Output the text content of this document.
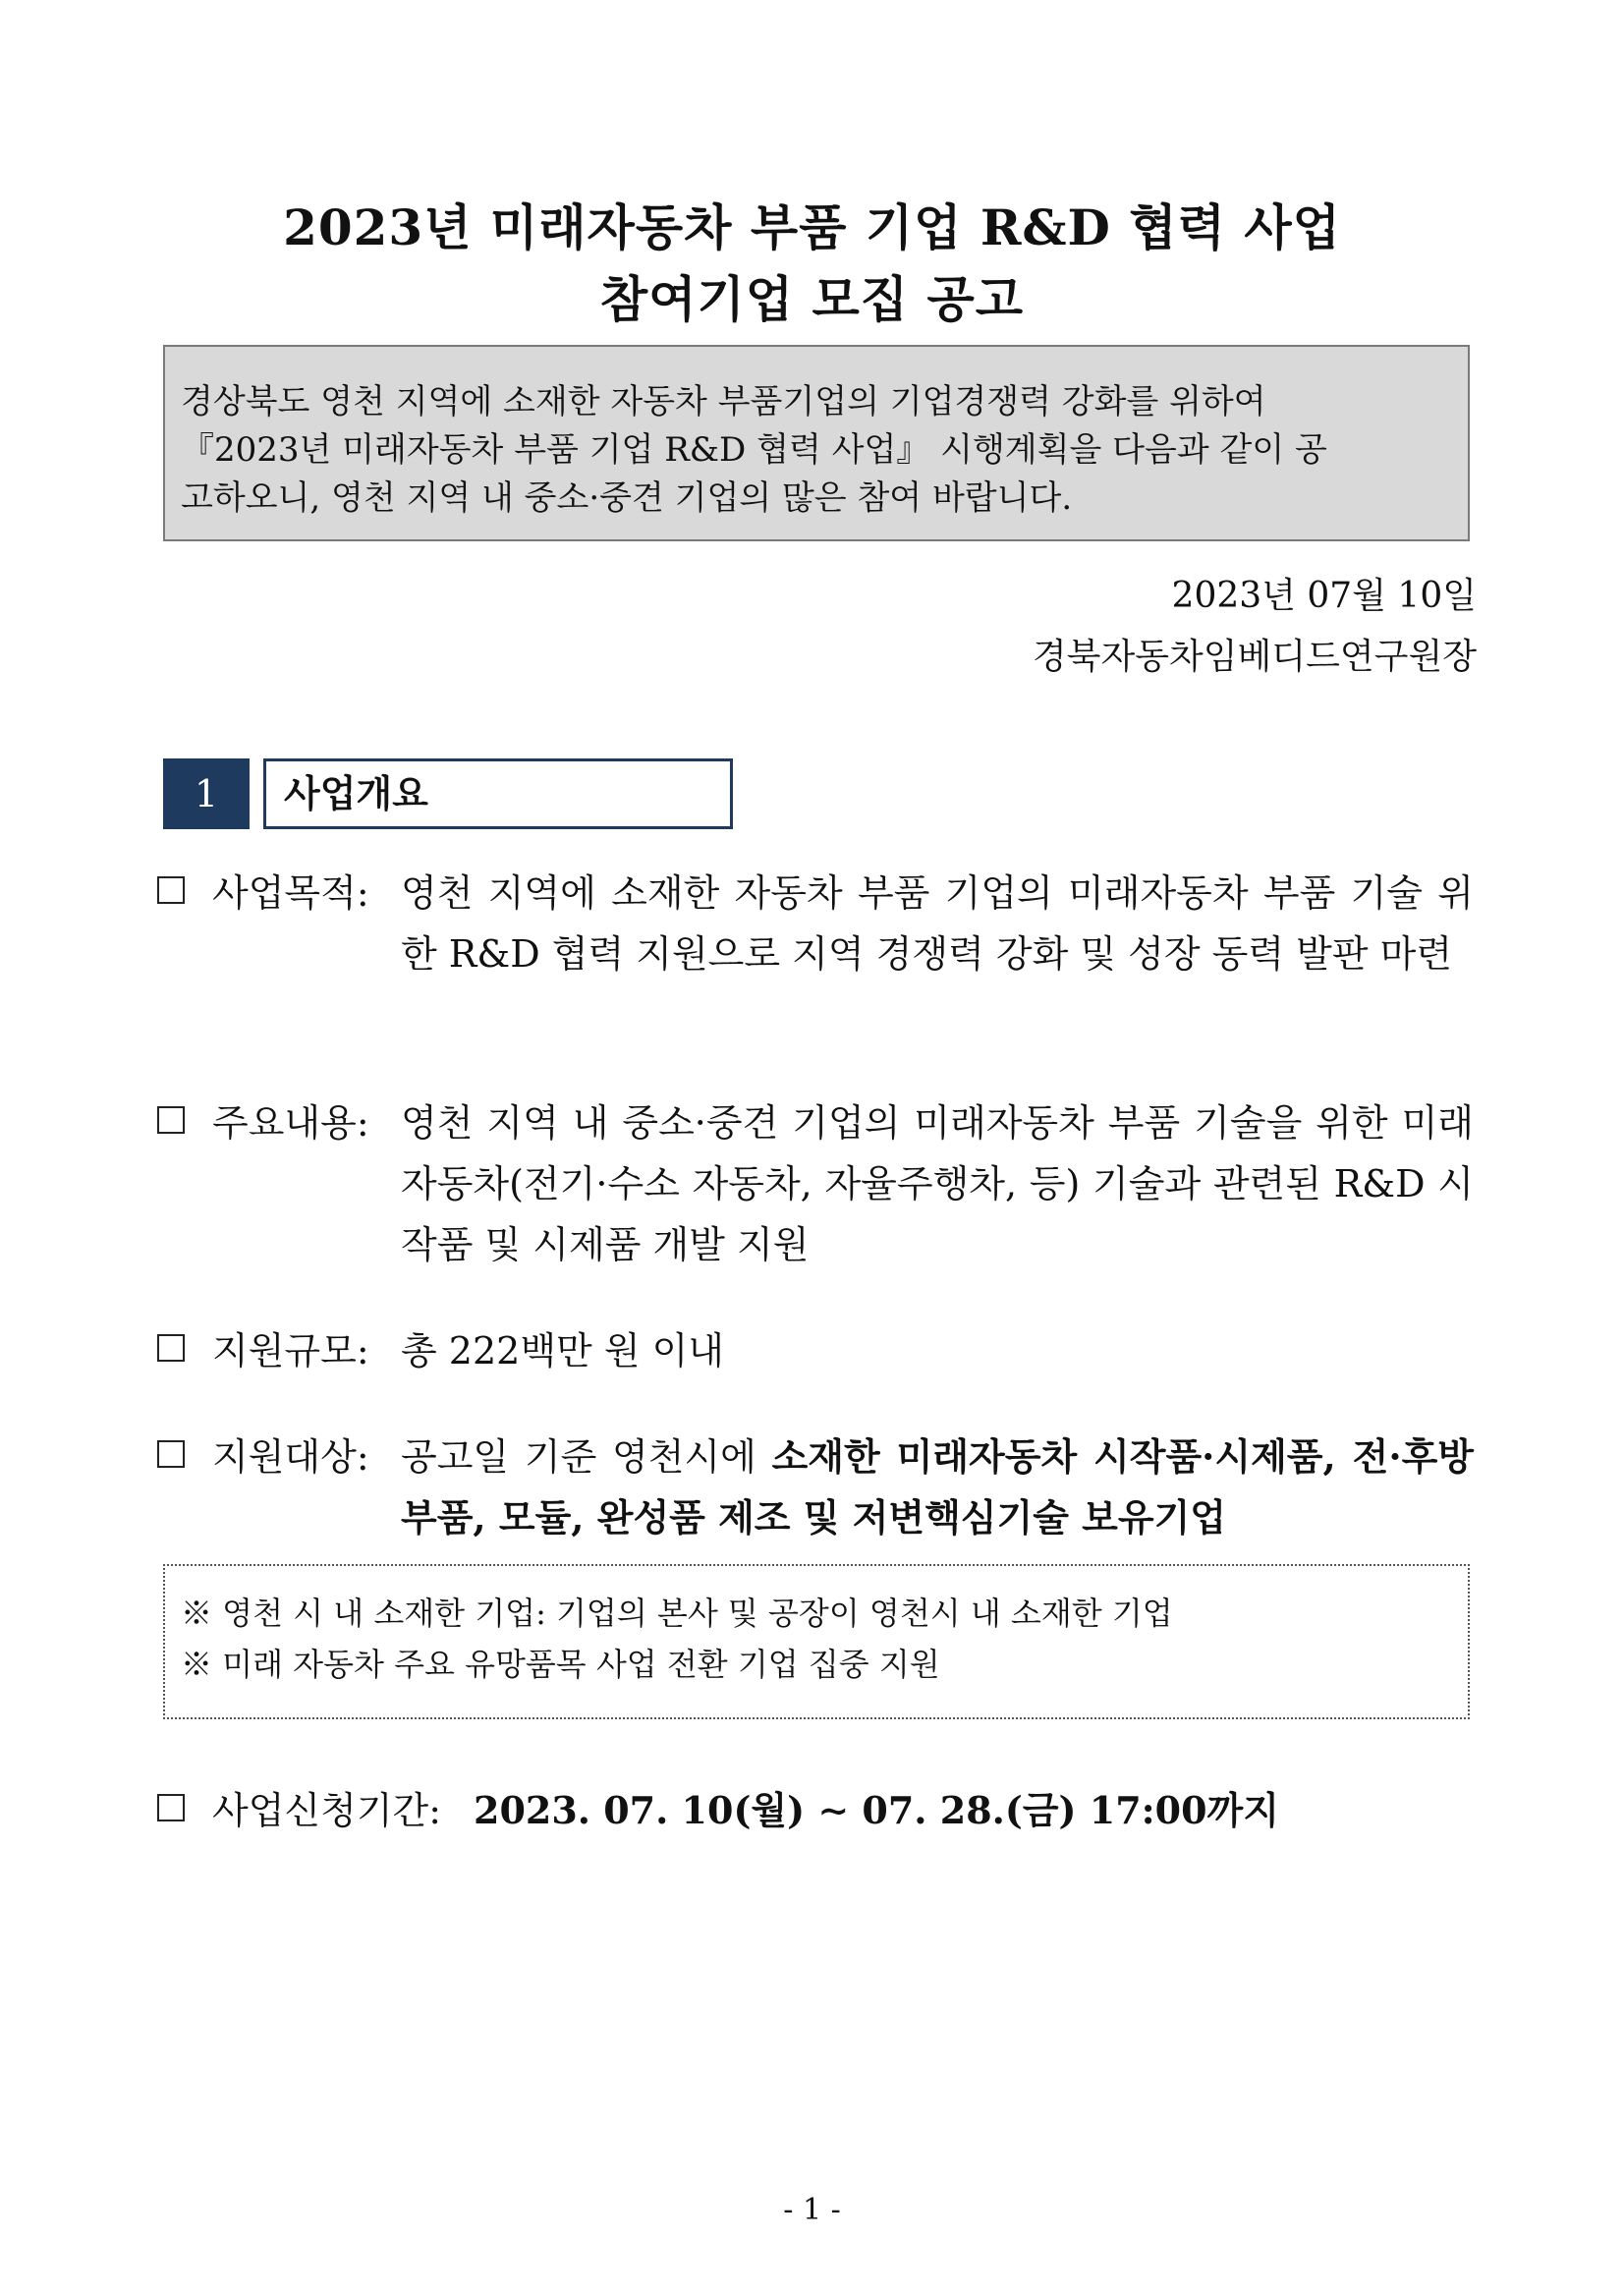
2023년 미래자동차 부품 기업 R&D 협력 사업
참여기업 모집 공고

경상북도 영천 지역에 소재한 자동차 부품기업의 기업경쟁력 강화를 위하여

『2023년 미래자동차 부품 기업 R&D 협력 사업』 시행계획을 다음과 같이 공

고하오니, 영천 지역 내 중소·중견 기업의 많은 참여 바랍니다.

2023년 07월 10일
경북자동차임베디드연구원장
1	사업개요
사업목적: 영천 지역에 소재한 자동차 부품 기업의 미래자동차 부품 기술 위한 R&D 협력 지원으로 지역 경쟁력 강화 및 성장 동력 발판 마련
주요내용: 영천 지역 내 중소·중견 기업의 미래자동차 부품 기술을 위한 미래자동차(전기·수소 자동차, 자율주행차, 등) 기술과 관련된 R&D 시작품 및 시제품 개발 지원
지원규모: 총 222백만 원 이내
지원대상: 공고일 기준 영천시에 소재한 미래자동차 시작품·시제품, 전·후방 부품, 모듈, 완성품 제조 및 저변핵심기술 보유기업

※ 영천 시 내 소재한 기업: 기업의 본사 및 공장이 영천시 내 소재한 기업

※ 미래 자동차 주요 유망품목 사업 전환 기업 집중 지원

사업신청기간: 2023. 07. 10(월) ∼ 07. 28.(금) 17:00까지
- 1 -
